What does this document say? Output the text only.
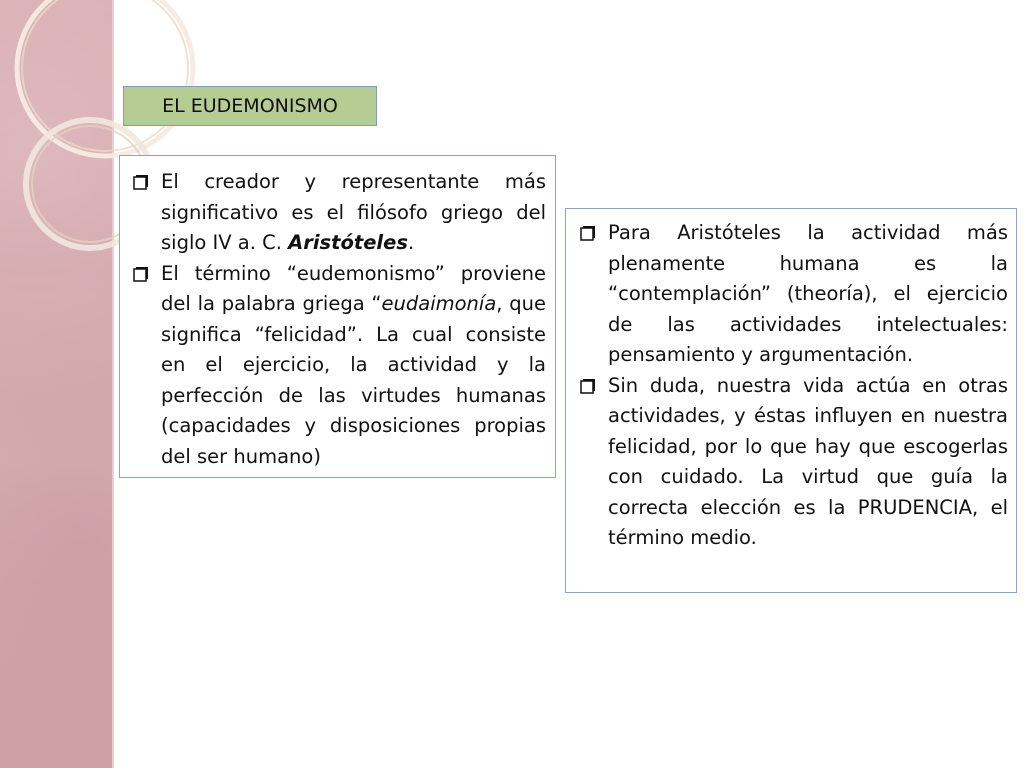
EL EUDEMONISMO
El creador y representante más significativo es el filósofo griego del siglo IV a. C. Aristóteles.
El término “eudemonismo” proviene del la palabra griega “eudaimonía, que significa “felicidad”. La cual consiste en el ejercicio, la actividad y la perfección de las virtudes humanas (capacidades y disposiciones propias del ser humano)
Para Aristóteles la actividad más plenamente humana es la “contemplación” (theoría), el ejercicio de las actividades intelectuales: pensamiento y argumentación.
Sin duda, nuestra vida actúa en otras actividades, y éstas influyen en nuestra felicidad, por lo que hay que escogerlas con cuidado. La virtud que guía la correcta elección es la PRUDENCIA, el término medio.
